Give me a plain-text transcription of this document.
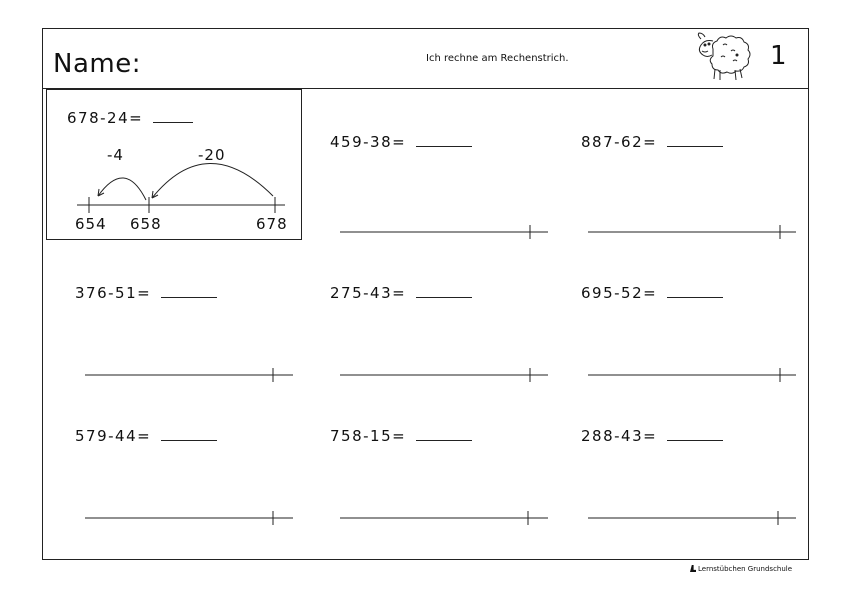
Name:	Ich rechne am Rechenstrich.	1
678-24=
-4	-20
654 658	678
459-38=	887-62=
376-51=	275-43=	695-52=
579-44=	758-15=	288-43=
Lernstübchen Grundschule
